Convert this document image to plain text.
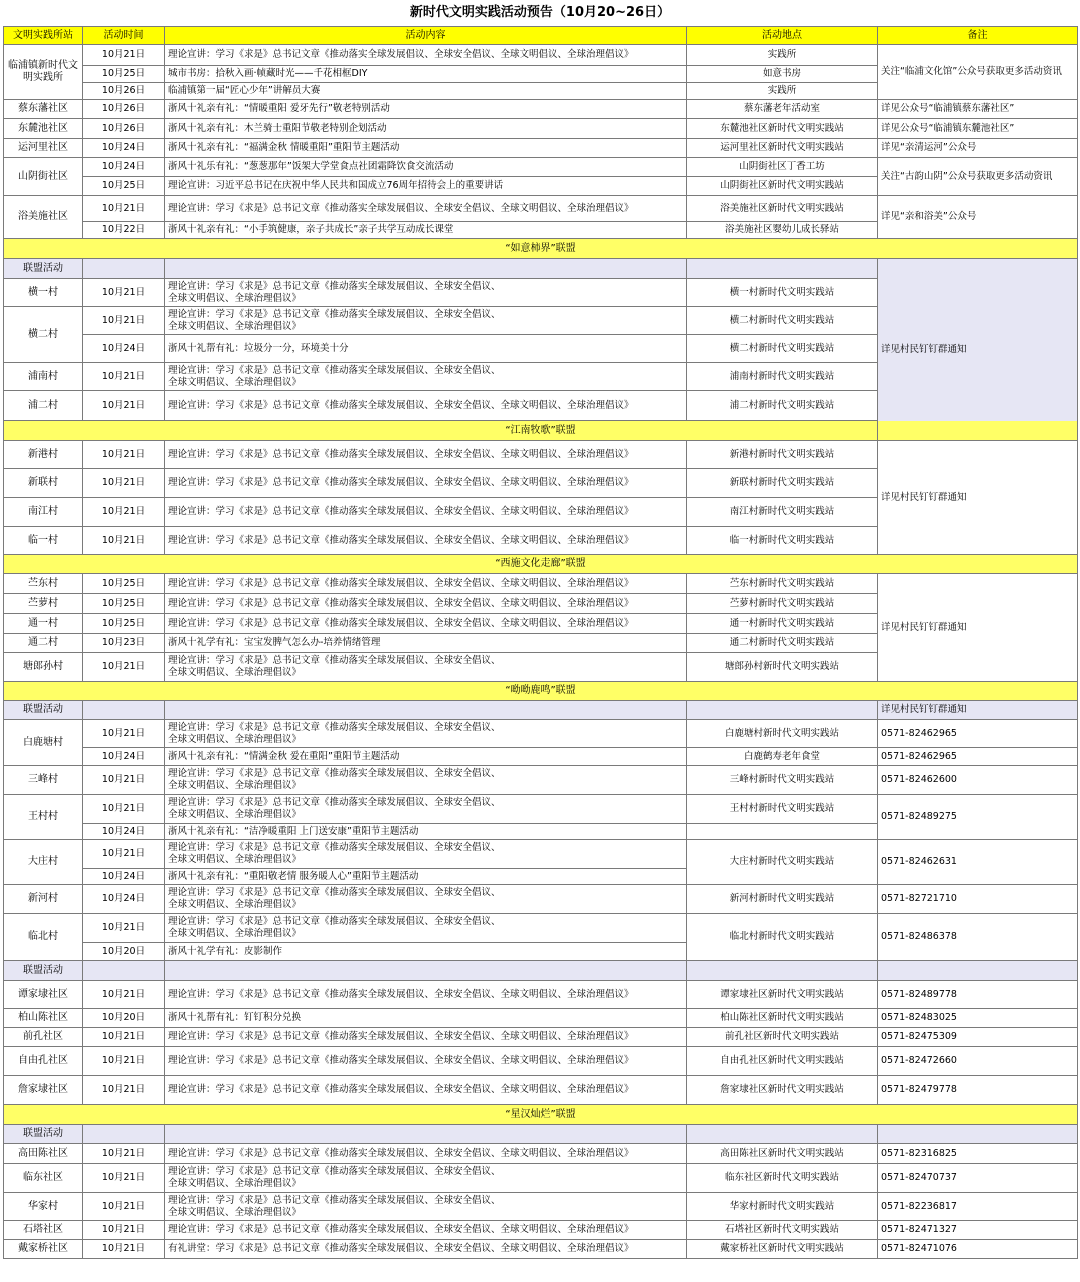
新时代文明实践活动预告（10月20~26日）
文明实践所站	活动时间	活动内容	活动地点	备注
临浦镇新时代文明实践所	10月21日	理论宣讲：学习《求是》总书记文章《推动落实全球发展倡议、全球安全倡议、全球文明倡议、全球治理倡议》	实践所	关注“临浦文化馆”公众号获取更多活动资讯
	10月25日	城市书房：拾秋入画·帧藏时光——千花相框DIY	如意书房	
	10月26日	临浦镇第一届“匠心少年”讲解员大赛	实践所	
蔡东藩社区	10月26日	浙风十礼亲有礼：“情暖重阳 爱牙先行”敬老特别活动	蔡东藩老年活动室	详见公众号“临浦镇蔡东藩社区”
东麓池社区	10月26日	浙风十礼亲有礼：木兰骑士重阳节敬老特别企划活动	东麓池社区新时代文明实践站	详见公众号“临浦镇东麓池社区”
运河里社区	10月24日	浙风十礼亲有礼：“福满金秋 情暖重阳”重阳节主题活动	运河里社区新时代文明实践站	详见“亲清运河”公众号
山阴街社区	10月24日	浙风十礼乐有礼：“葱葱那年”饭架大学堂食点社团霜降饮食交流活动	山阴街社区丁香工坊	关注“古韵山阴”公众号获取更多活动资讯
	10月25日	理论宣讲：习近平总书记在庆祝中华人民共和国成立76周年招待会上的重要讲话	山阴街社区新时代文明实践站	
浴美施社区	10月21日	理论宣讲：学习《求是》总书记文章《推动落实全球发展倡议、全球安全倡议、全球文明倡议、全球治理倡议》	浴美施社区新时代文明实践站	详见“亲和浴美”公众号
	10月22日	浙风十礼亲有礼：“小手筑健康，亲子共成长”亲子共学互动成长课堂	浴美施社区婴幼儿成长驿站	
“如意柿界”联盟				
联盟活动				详见村民钉钉群通知
横一村	10月21日	理论宣讲：学习《求是》总书记文章《推动落实全球发展倡议、全球安全倡议、
全球文明倡议、全球治理倡议》	横一村新时代文明实践站	
横二村	10月21日	理论宣讲：学习《求是》总书记文章《推动落实全球发展倡议、全球安全倡议、
全球文明倡议、全球治理倡议》	横二村新时代文明实践站	
	10月24日	浙风十礼帮有礼：垃圾分一分，环境美十分	横二村新时代文明实践站	
浦南村	10月21日	理论宣讲：学习《求是》总书记文章《推动落实全球发展倡议、全球安全倡议、
全球文明倡议、全球治理倡议》	浦南村新时代文明实践站	
浦二村	10月21日	理论宣讲：学习《求是》总书记文章《推动落实全球发展倡议、全球安全倡议、全球文明倡议、全球治理倡议》	浦二村新时代文明实践站	
“江南牧歌”联盟				
新港村	10月21日	理论宣讲：学习《求是》总书记文章《推动落实全球发展倡议、全球安全倡议、全球文明倡议、全球治理倡议》	新港村新时代文明实践站	详见村民钉钉群通知
新联村	10月21日	理论宣讲：学习《求是》总书记文章《推动落实全球发展倡议、全球安全倡议、全球文明倡议、全球治理倡议》	新联村新时代文明实践站	
南江村	10月21日	理论宣讲：学习《求是》总书记文章《推动落实全球发展倡议、全球安全倡议、全球文明倡议、全球治理倡议》	南江村新时代文明实践站	
临一村	10月21日	理论宣讲：学习《求是》总书记文章《推动落实全球发展倡议、全球安全倡议、全球文明倡议、全球治理倡议》	临一村新时代文明实践站	
“西施文化走廊”联盟				
苎东村	10月25日	理论宣讲：学习《求是》总书记文章《推动落实全球发展倡议、全球安全倡议、全球文明倡议、全球治理倡议》	苎东村新时代文明实践站	详见村民钉钉群通知
苎萝村	10月25日	理论宣讲：学习《求是》总书记文章《推动落实全球发展倡议、全球安全倡议、全球文明倡议、全球治理倡议》	苎萝村新时代文明实践站	
通一村	10月25日	理论宣讲：学习《求是》总书记文章《推动落实全球发展倡议、全球安全倡议、全球文明倡议、全球治理倡议》	通一村新时代文明实践站	
通二村	10月23日	浙风十礼学有礼：宝宝发脾气怎么办-培养情绪管理	通二村新时代文明实践站	
塘郎孙村	10月21日	理论宣讲：学习《求是》总书记文章《推动落实全球发展倡议、全球安全倡议、
全球文明倡议、全球治理倡议》	塘郎孙村新时代文明实践站	
“呦呦鹿鸣”联盟				
联盟活动				详见村民钉钉群通知
白鹿塘村	10月21日	理论宣讲：学习《求是》总书记文章《推动落实全球发展倡议、全球安全倡议、
全球文明倡议、全球治理倡议》	白鹿塘村新时代文明实践站	0571-82462965
	10月24日	浙风十礼亲有礼：“情满金秋 爱在重阳”重阳节主题活动	白鹿鹤寿老年食堂	0571-82462965
三峰村	10月21日	理论宣讲：学习《求是》总书记文章《推动落实全球发展倡议、全球安全倡议、
全球文明倡议、全球治理倡议》	三峰村新时代文明实践站	0571-82462600
王村村	10月21日	理论宣讲：学习《求是》总书记文章《推动落实全球发展倡议、全球安全倡议、
全球文明倡议、全球治理倡议》	王村村新时代文明实践站	0571-82489275
	10月24日	浙风十礼亲有礼：“洁净暖重阳 上门送安康”重阳节主题活动		
大庄村	10月21日	理论宣讲：学习《求是》总书记文章《推动落实全球发展倡议、全球安全倡议、
全球文明倡议、全球治理倡议》	大庄村新时代文明实践站	0571-82462631
	10月24日	浙风十礼亲有礼：“重阳敬老情 服务暖人心”重阳节主题活动		
新河村	10月24日	理论宣讲：学习《求是》总书记文章《推动落实全球发展倡议、全球安全倡议、
全球文明倡议、全球治理倡议》	新河村新时代文明实践站	0571-82721710
临北村	10月21日	理论宣讲：学习《求是》总书记文章《推动落实全球发展倡议、全球安全倡议、
全球文明倡议、全球治理倡议》	临北村新时代文明实践站	0571-82486378
	10月20日	浙风十礼学有礼：皮影制作		
联盟活动				
谭家埭社区	10月21日	理论宣讲：学习《求是》总书记文章《推动落实全球发展倡议、全球安全倡议、全球文明倡议、全球治理倡议》	谭家埭社区新时代文明实践站	0571-82489778
柏山陈社区	10月20日	浙风十礼帮有礼：钉钉积分兑换	柏山陈社区新时代文明实践站	0571-82483025
前孔社区	10月21日	理论宣讲：学习《求是》总书记文章《推动落实全球发展倡议、全球安全倡议、全球文明倡议、全球治理倡议》	前孔社区新时代文明实践站	0571-82475309
自由孔社区	10月21日	理论宣讲：学习《求是》总书记文章《推动落实全球发展倡议、全球安全倡议、全球文明倡议、全球治理倡议》	自由孔社区新时代文明实践站	0571-82472660
詹家埭社区	10月21日	理论宣讲：学习《求是》总书记文章《推动落实全球发展倡议、全球安全倡议、全球文明倡议、全球治理倡议》	詹家埭社区新时代文明实践站	0571-82479778
“星汉灿烂”联盟				
联盟活动				
高田陈社区	10月21日	理论宣讲：学习《求是》总书记文章《推动落实全球发展倡议、全球安全倡议、全球文明倡议、全球治理倡议》	高田陈社区新时代文明实践站	0571-82316825
临东社区	10月21日	理论宣讲：学习《求是》总书记文章《推动落实全球发展倡议、全球安全倡议、
全球文明倡议、全球治理倡议》	临东社区新时代文明实践站	0571-82470737
华家村	10月21日	理论宣讲：学习《求是》总书记文章《推动落实全球发展倡议、全球安全倡议、
全球文明倡议、全球治理倡议》	华家村新时代文明实践站	0571-82236817
石塔社区	10月21日	理论宣讲：学习《求是》总书记文章《推动落实全球发展倡议、全球安全倡议、全球文明倡议、全球治理倡议》	石塔社区新时代文明实践站	0571-82471327
戴家桥社区	10月21日	有礼讲堂：学习《求是》总书记文章《推动落实全球发展倡议、全球安全倡议、全球文明倡议、全球治理倡议》	戴家桥社区新时代文明实践站	0571-82471076
